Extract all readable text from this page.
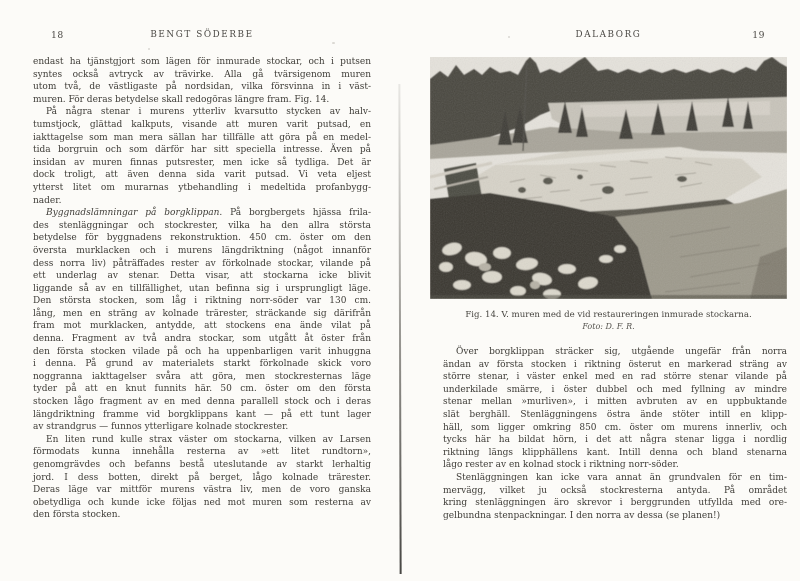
18	BENGT SÖDERBE
endast ha tjänstgjort som lägen för inmurade stockar, och i putsen
syntes också avtryck av trävirke. Alla gå tvärsigenom muren
utom två, de västligaste på nordsidan, vilka försvinna in i väst-
muren. För deras betydelse skall redogöras längre fram. Fig. 14.
På några stenar i murens ytterliv kvarsutto stycken av halv-
tumstjock, glättad kalkputs, visande att muren varit putsad, en
iakttagelse som man mera sällan har tillfälle att göra på en medel-
tida borgruin och som därför har sitt speciella intresse. Även på
insidan av muren finnas putsrester, men icke så tydliga. Det är
dock troligt, att även denna sida varit putsad. Vi veta eljest
ytterst litet om murarnas ytbehandling i medeltida profanbygg-
nader.
Byggnadslämningar på borgklippan. På borgbergets hjässa frila-
des stenläggningar och stockrester, vilka ha den allra största
betydelse för byggnadens rekonstruktion. 450 cm. öster om den
översta murklacken och i murens längdriktning (något innanför
dess norra liv) påträffades rester av förkolnade stockar, vilande på
ett underlag av stenar. Detta visar, att stockarna icke blivit
liggande så av en tillfällighet, utan befinna sig i ursprungligt läge.
Den största stocken, som låg i riktning norr-söder var 130 cm.
lång, men en sträng av kolnade trärester, sträckande sig därifrån
fram mot murklacken, antydde, att stockens ena ände vilat på
denna. Fragment av två andra stockar, som utgått åt öster från
den första stocken vilade på och ha uppenbarligen varit inhuggna
i denna. På grund av materialets starkt förkolnade skick voro
noggranna iakttagelser svåra att göra, men stockresternas läge
tyder på att en knut funnits här. 50 cm. öster om den första
stocken lågo fragment av en med denna parallell stock och i deras
längdriktning framme vid borgklippans kant — på ett tunt lager
av strandgrus — funnos ytterligare kolnade stockrester.
En liten rund kulle strax väster om stockarna, vilken av Larsen
förmodats kunna innehålla resterna av »ett litet rundtorn»,
genomgrävdes och befanns bestå uteslutande av starkt lerhaltig
jord. I dess botten, direkt på berget, lågo kolnade trärester.
Deras läge var mittför murens västra liv, men de voro ganska
obetydliga och kunde icke följas ned mot muren som resterna av
den första stocken.
DALABORG	19
Fig. 14. V. muren med de vid restaureringen inmurade stockarna.
Foto: D. F. R.
Över borgklippan sträcker sig, utgående ungefär från norra
ändan av första stocken i riktning österut en markerad sträng av
större stenar, i väster enkel med en rad större stenar vilande på
underkilade smärre, i öster dubbel och med fyllning av mindre
stenar mellan »murliven», i mitten avbruten av en uppbuktande
slät berghäll. Stenläggningens östra ände stöter intill en klipp-
häll, som ligger omkring 850 cm. öster om murens innerliv, och
tycks här ha bildat hörn, i det att några stenar ligga i nordlig
riktning längs klipphällens kant. Intill denna och bland stenarna
lågo rester av en kolnad stock i riktning norr-söder.
Stenläggningen kan icke vara annat än grundvalen för en tim-
mervägg, vilket ju också stockresterna antyda. På området
kring stenläggningen äro skrevor i berggrunden utfyllda med ore-
gelbundna stenpackningar. I den norra av dessa (se planen!)
